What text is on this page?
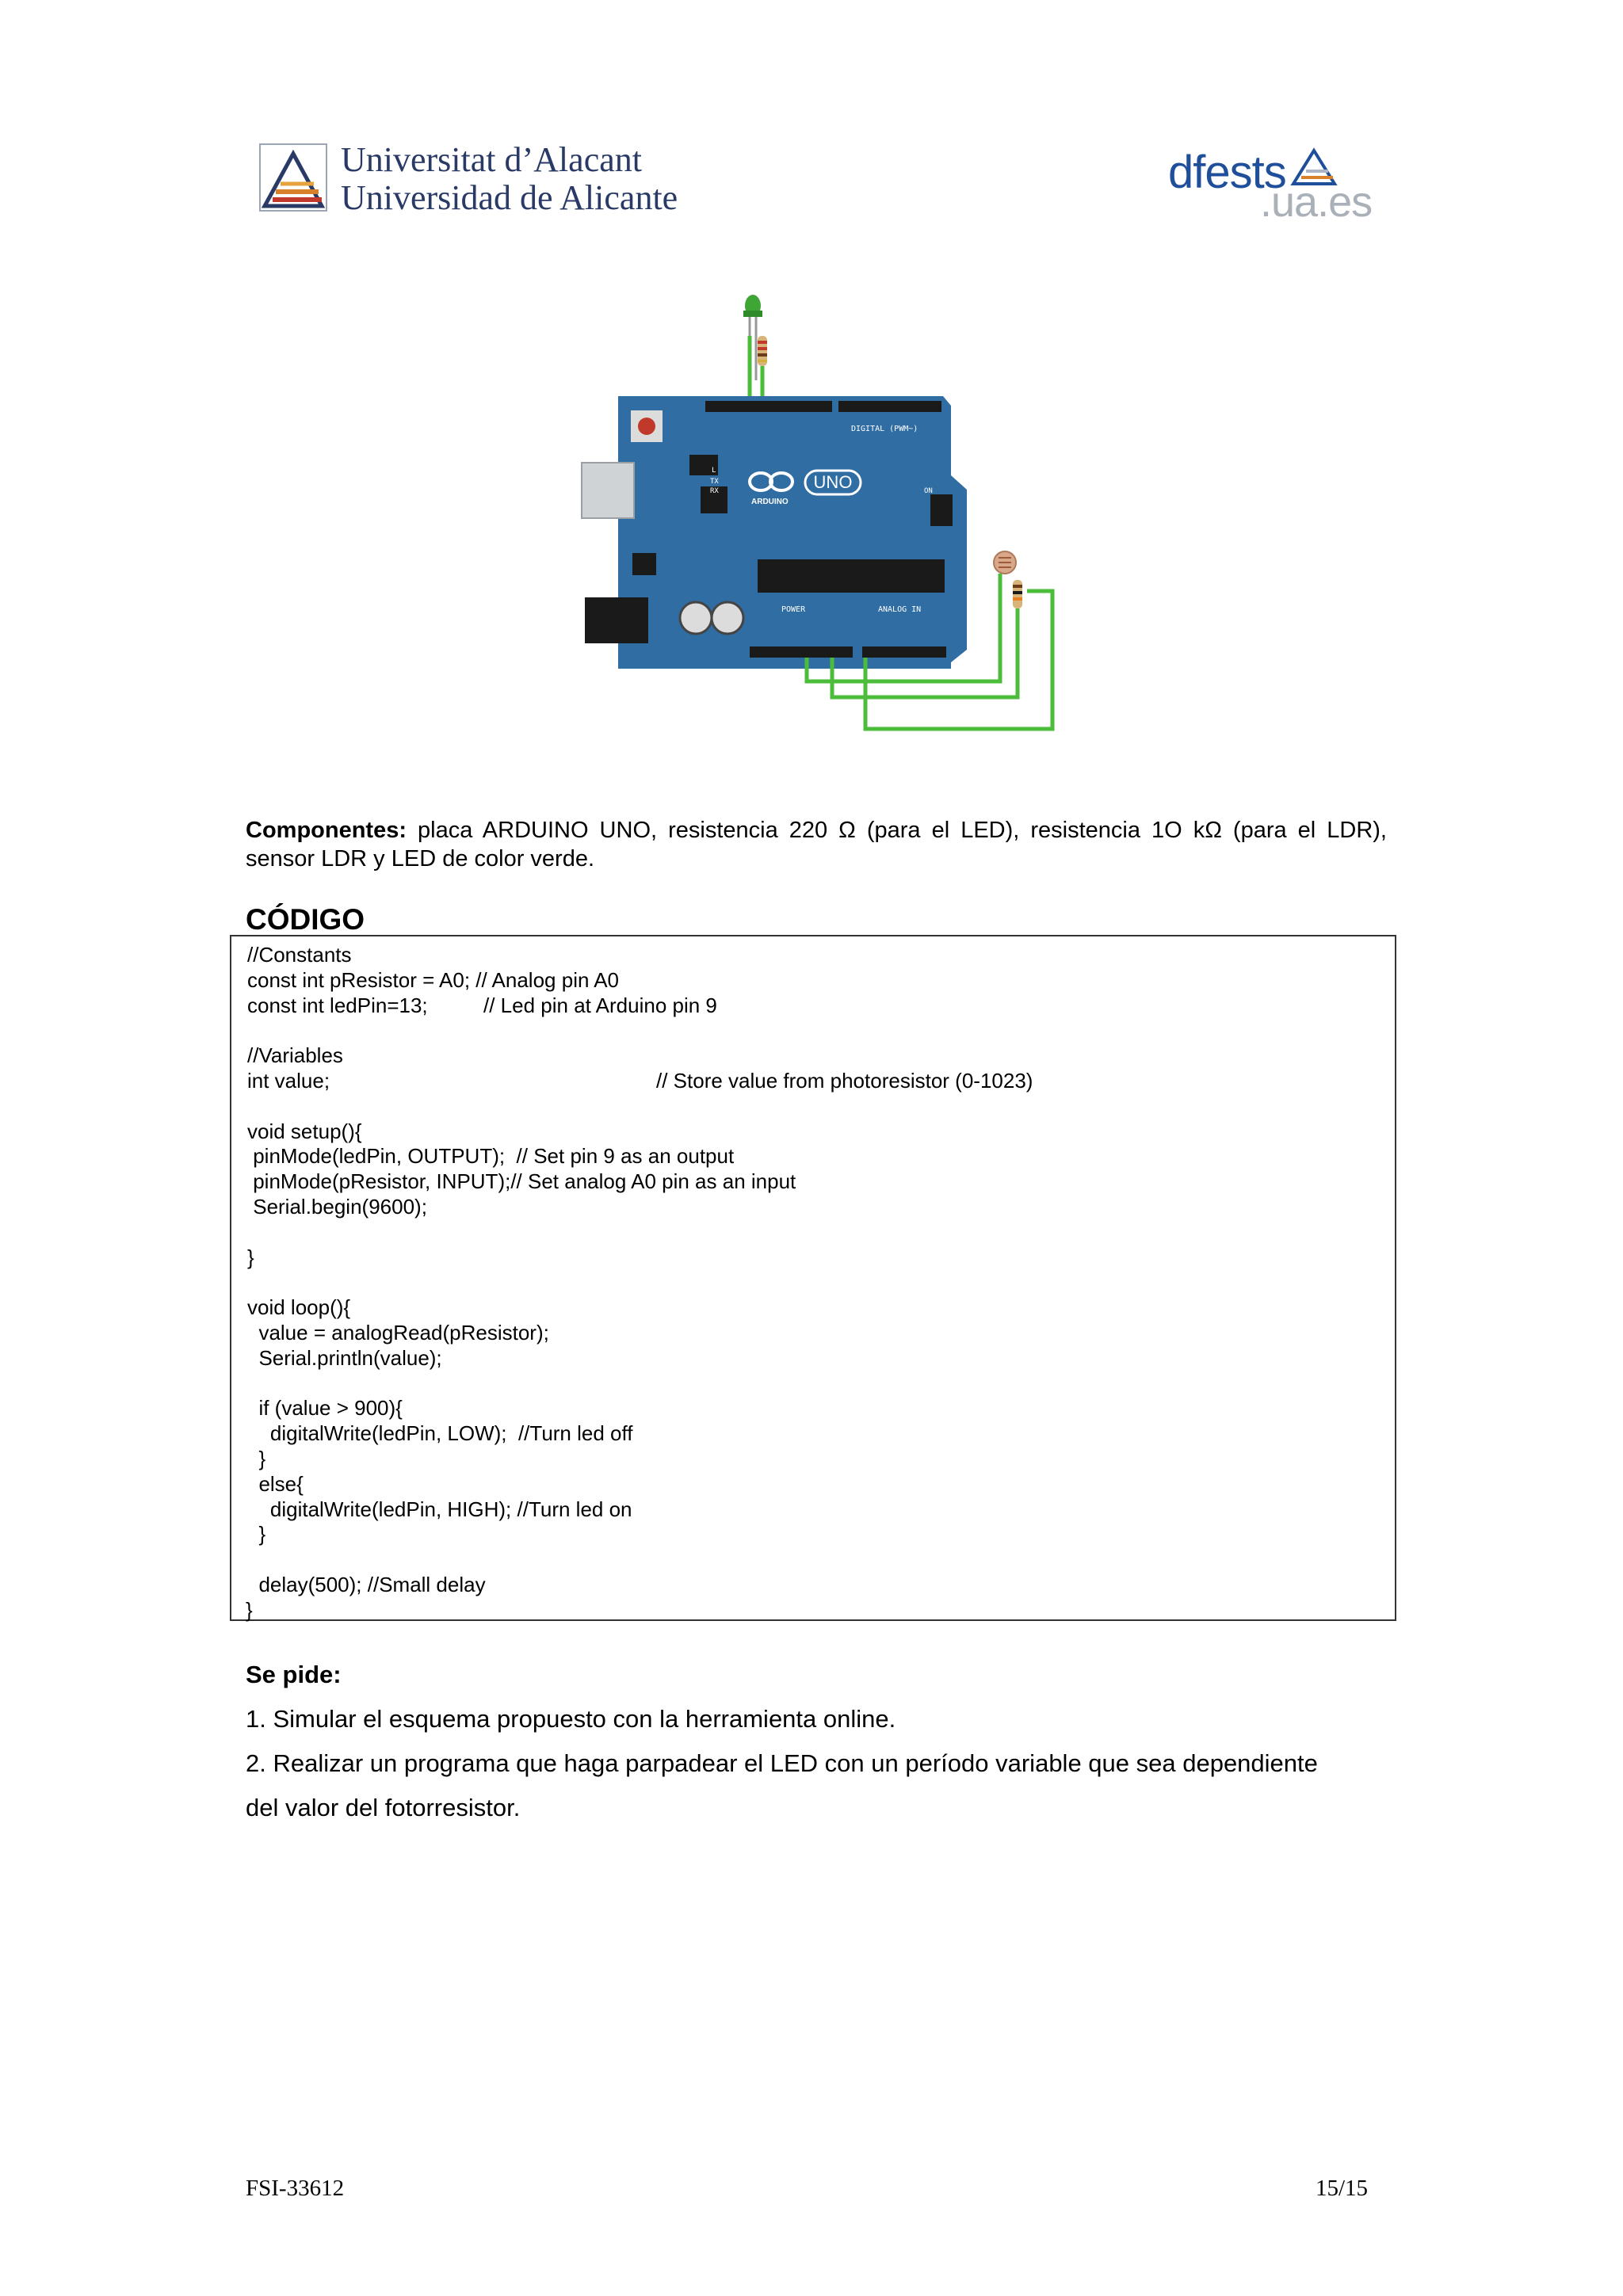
Universitat d’Alacant
Universidad de Alicante	dfests
.ua.es
UNO
ARDUINO
DIGITAL (PWM~)
POWER	ANALOG IN
ON
TX
RX
L
Componentes: placa ARDUINO UNO, resistencia 220 Ω (para el LED), resistencia 1O kΩ (para el LDR), sensor LDR y LED de color verde.
CÓDIGO
//Constants
const int pResistor = A0; // Analog pin A0
const int ledPin=13;	// Led pin at Arduino pin 9
//Variables
int value;	// Store value from photoresistor (0-1023)
void setup(){
pinMode(ledPin, OUTPUT);  // Set pin 9 as an output
pinMode(pResistor, INPUT);// Set analog A0 pin as an input
Serial.begin(9600);
}
void loop(){
value = analogRead(pResistor);
Serial.println(value);
if (value > 900){
digitalWrite(ledPin, LOW);  //Turn led off
}
else{
digitalWrite(ledPin, HIGH); //Turn led on
}
delay(500); //Small delay
}
Se pide:
1. Simular el esquema propuesto con la herramienta online.
2. Realizar un programa que haga parpadear el LED con un período variable que sea dependiente
del valor del fotorresistor.
FSI-33612	15/15
